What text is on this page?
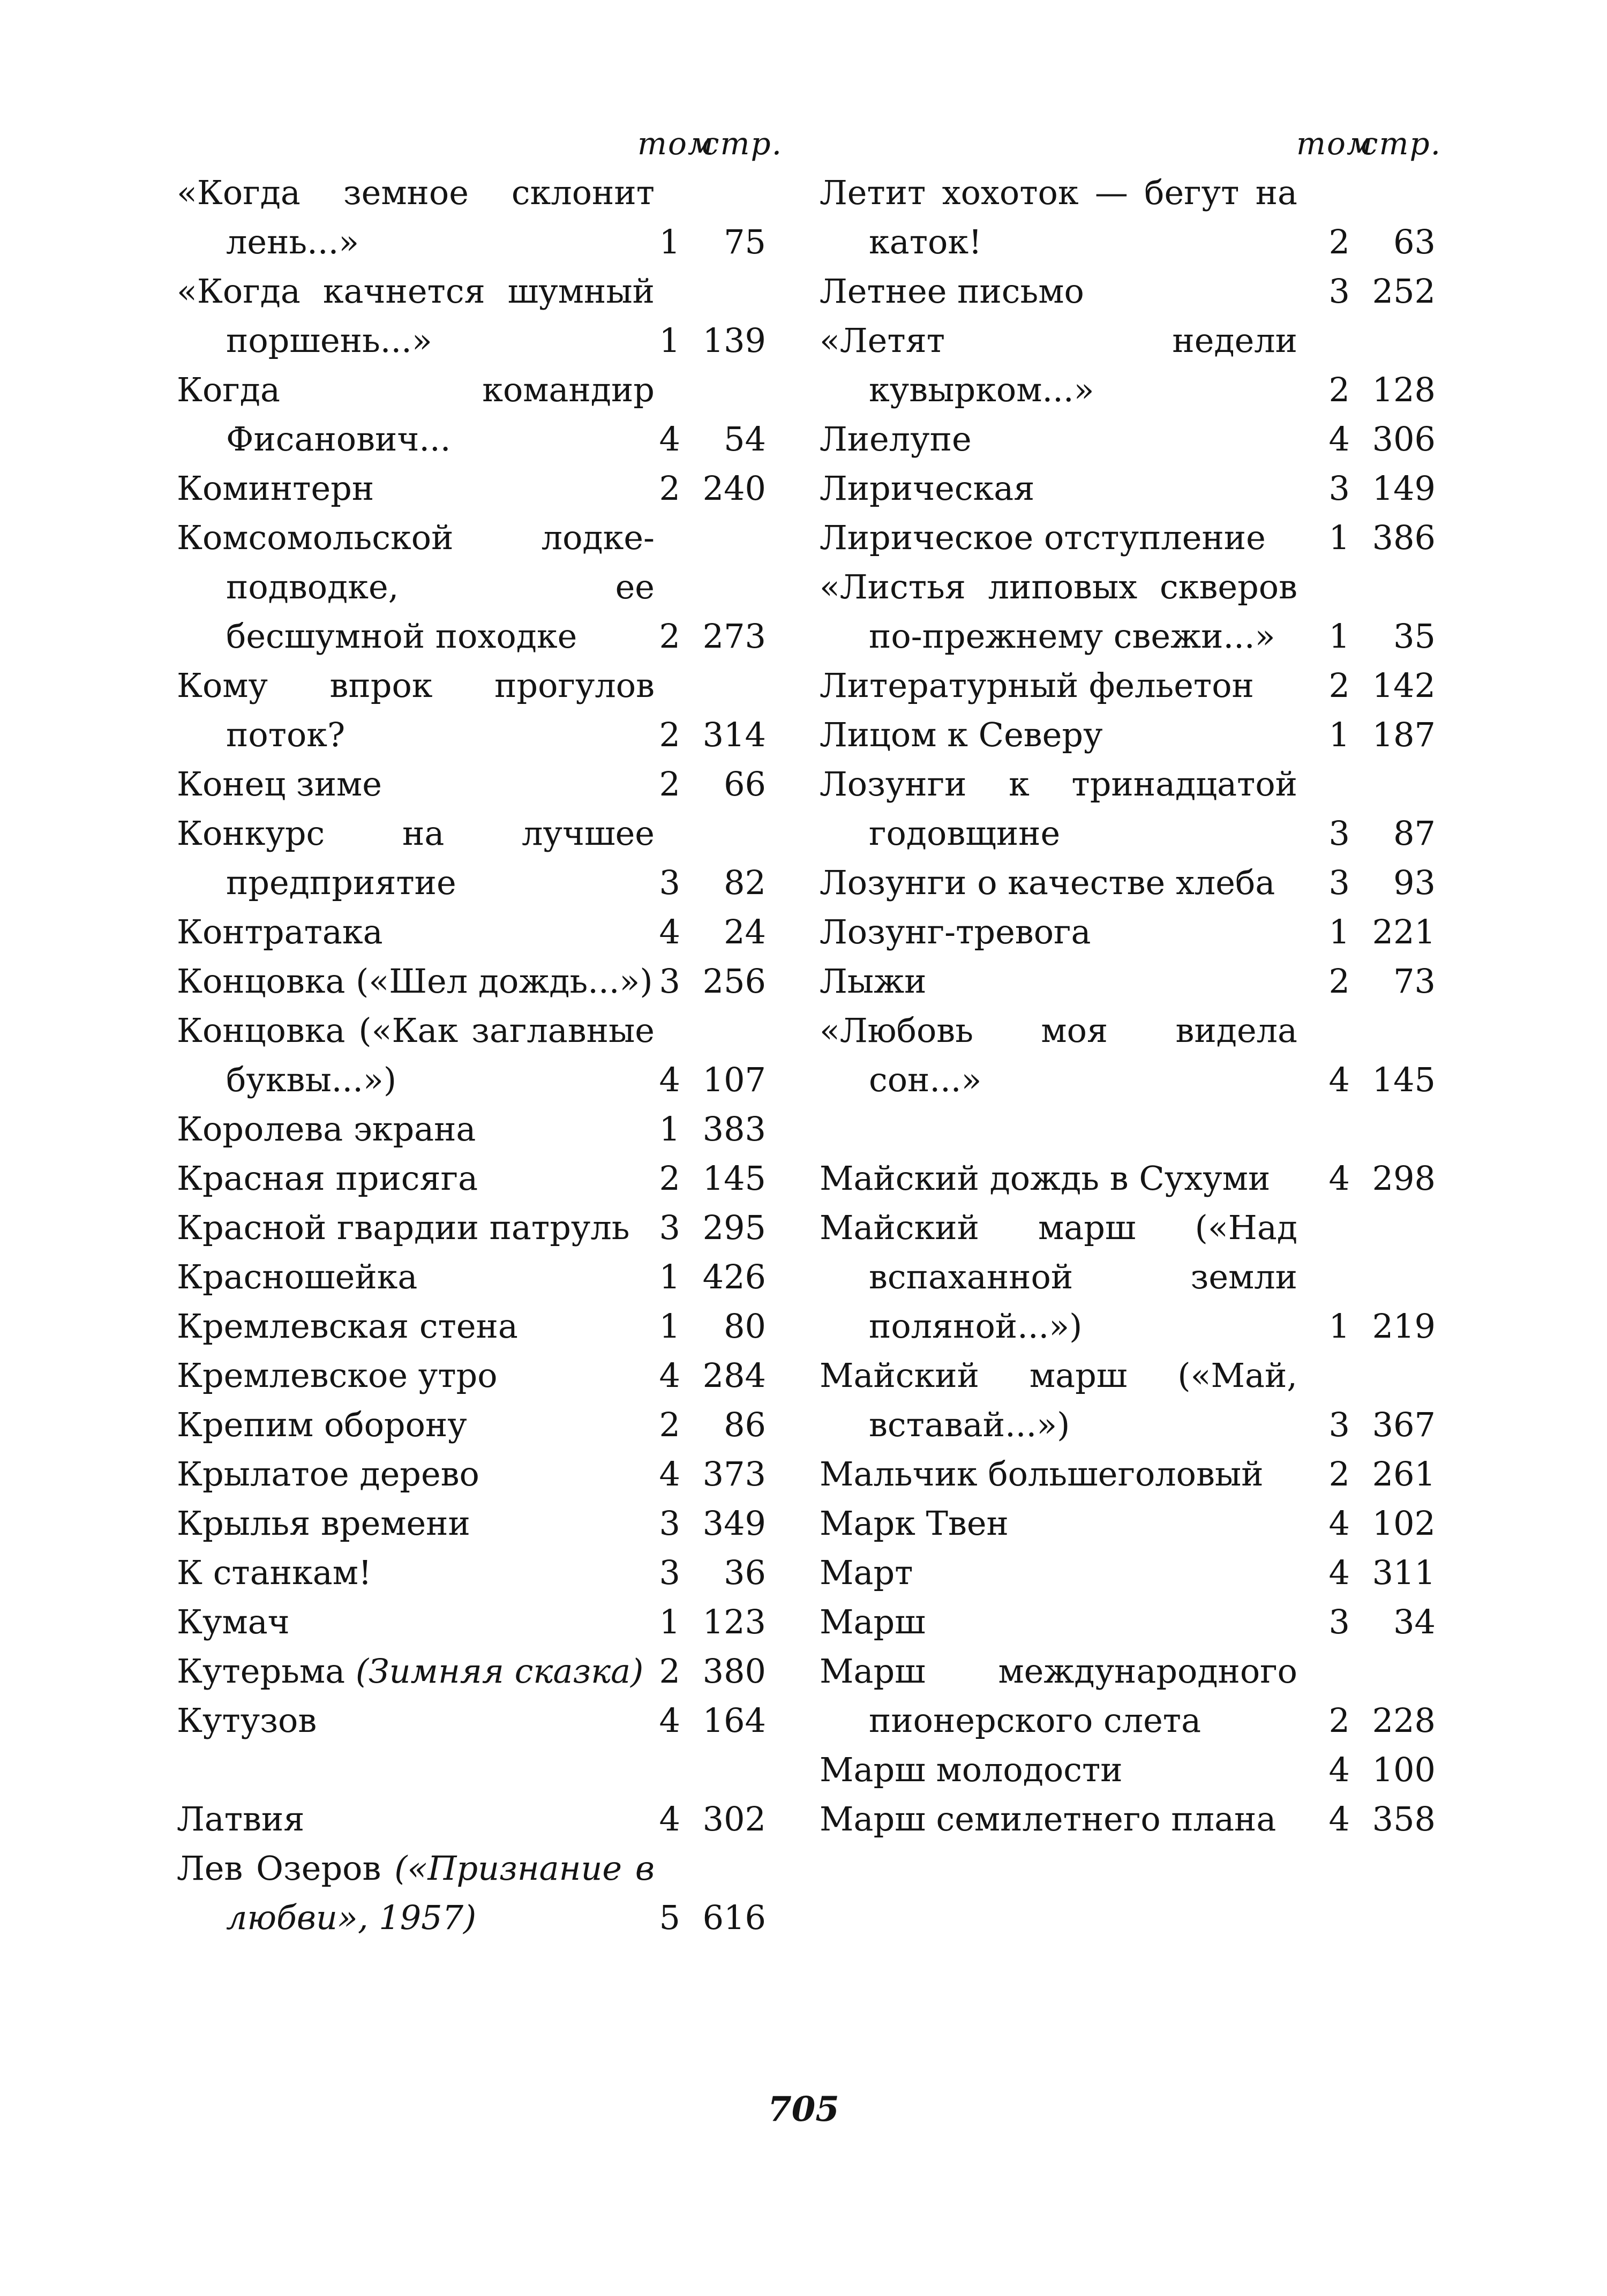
том
стр.
«Когда земное склонит лень...»	1	75
«Когда качнется шумный поршень...»	1 139
Когда командир Фисанович...	4	54
Коминтерн	2 240
Комсомольской лодке-подводке, ее бесшумной походке	2 273
Кому впрок прогулов поток?	2 314
Конец зиме	2	66
Конкурс на лучшее предприятие	3	82
Контратака	4	24
Концовка («Шел дождь...») 3 256
Концовка («Как заглавные буквы...»)	4 107
Королева экрана	1 383
Красная присяга	2 145
Красной гвардии патруль 3 295
Красношейка	1 426
Кремлевская стена	1	80
Кремлевское утро	4 284
Крепим оборону	2	86
Крылатое дерево	4 373
Крылья времени	3 349
К станкам!	3	36
Кумач	1 123
Кутерьма (Зимняя сказка) 2 380
Кутузов	4 164
Латвия	4 302
Лев Озеров («Признание в любви», 1957)	5 616
том
стр.
Летит хохоток — бегут на каток!	2	63
Летнее письмо	3 252
«Летят недели кувырком...»	2 128
Лиелупе	4 306
Лирическая	3 149
Лирическое отступление	1 386
«Листья липовых скверов по-прежнему свежи...»	1	35
Литературный фельетон	2 142
Лицом к Северу	1 187
Лозунги к тринадцатой годовщине	3	87
Лозунги о качестве хлеба	3	93
Лозунг-тревога	1 221
Лыжи	2	73
«Любовь моя видела сон...»	4 145
Майский дождь в Сухуми	4 298
Майский марш («Над вспаханной земли поляной...»)	1 219
Майский марш («Май, вставай...»)	3 367
Мальчик большеголовый	2 261
Марк Твен	4 102
Март	4 311
Марш	3	34
Марш международного пионерского слета	2 228
Марш молодости	4 100
Марш семилетнего плана	4 358
705
